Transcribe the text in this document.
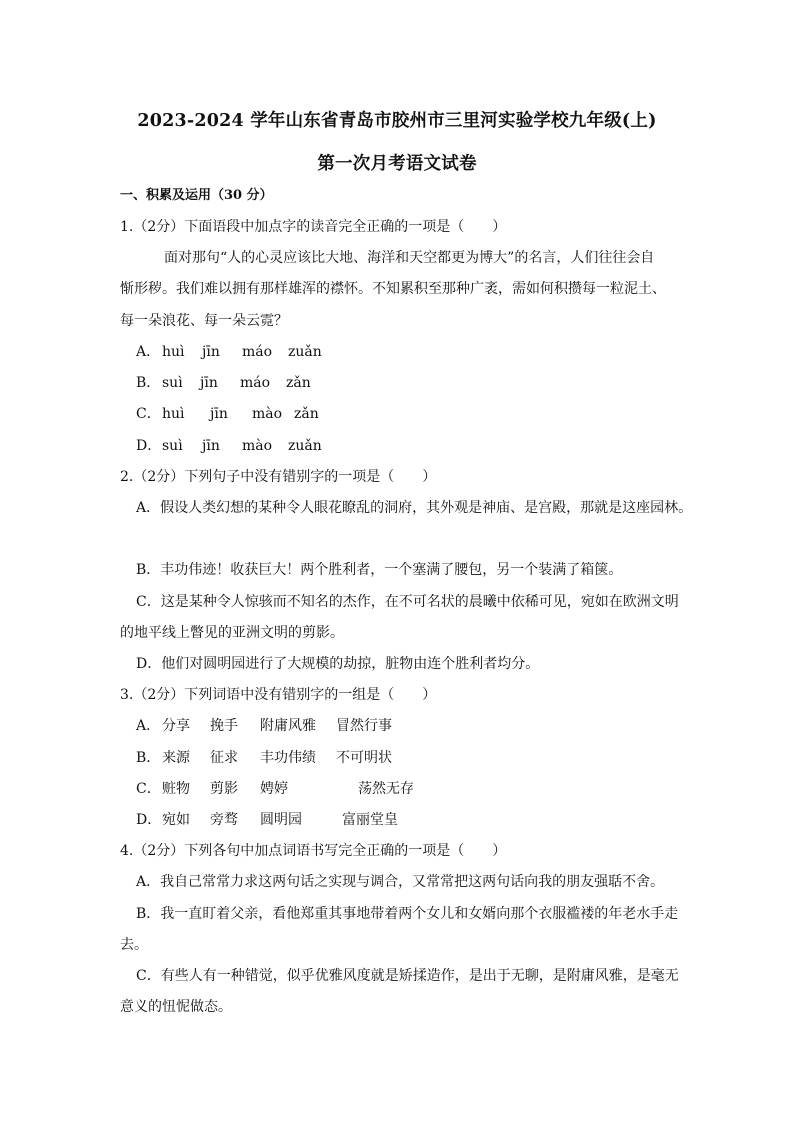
2023-2024 学年山东省青岛市胶州市三里河实验学校九年级(上)
第一次月考语文试卷
一、积累及运用（30 分）
1.（2分）下面语段中加点字的读音完全正确的一项是（　　）
面对那句“人的心灵应该比大地、海洋和天空都更为博大”的名言，人们往往会自
惭形秽。我们难以拥有那样雄浑的襟怀。不知累积至那种广袤，需如何积攒每一粒泥土、
每一朵浪花、每一朵云霓？
A． huì jīn máo zuǎn
B． suì jīn máo zǎn
C． huì jīn mào zǎn
D． suì jīn mào zuǎn
2.（2分）下列句子中没有错别字的一项是（　　）
A．假设人类幻想的某种令人眼花瞭乱的洞府，其外观是神庙、是宫殿，那就是这座园林。
B．丰功伟迹！收获巨大！两个胜利者，一个塞满了腰包，另一个装满了箱箧。
C．这是某种令人惊骇而不知名的杰作，在不可名状的晨曦中依稀可见，宛如在欧洲文明
的地平线上瞥见的亚洲文明的剪影。
D．他们对圆明园进行了大规模的劫掠，脏物由连个胜利者均分。
3.（2分）下列词语中没有错别字的一组是（　　）
A． 分享 挽手 附庸风雅 冒然行事
B． 来源 征求 丰功伟绩 不可明状
C． 赃物 剪影 娉婷	荡然无存
D． 宛如 旁骛 圆明园	富丽堂皇
4.（2分）下列各句中加点词语书写完全正确的一项是（　　）
A．我自己常常力求这两句话之实现与调合，又常常把这两句话向我的朋友强聒不舍。
B．我一直盯着父亲，看他郑重其事地带着两个女儿和女婿向那个衣服褴褛的年老水手走
去。
C．有些人有一种错觉，似乎优雅风度就是矫揉造作，是出于无聊，是附庸风雅，是毫无
意义的忸怩做态。
